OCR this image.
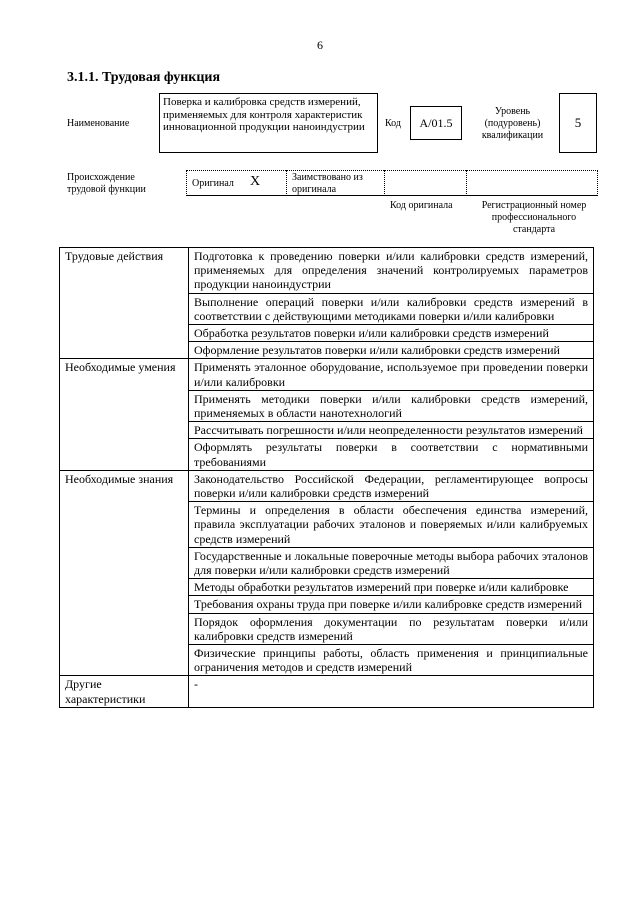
6
3.1.1. Трудовая функция
Наименование
Поверка и калибровка средств измерений, применяемых для контроля характеристик инновационной продукции наноиндустрии	Код	A/01.5
Уровень (подуровень) квалификации
5
Происхождение трудовой функции
Оригинал X	Заимствовано из оригинала
Код оригинала	Регистрационный номер профессионального стандарта
Трудовые действия	Подготовка к проведению поверки и/или калибровки средств измерений, применяемых для определения значений контролируемых параметров продукции наноиндустрии
	Выполнение операций поверки и/или калибровки средств измерений в соответствии с действующими методиками поверки и/или калибровки
	Обработка результатов поверки и/или калибровки средств измерений
	Оформление результатов поверки и/или калибровки средств измерений
Необходимые умения	Применять эталонное оборудование, используемое при проведении поверки и/или калибровки
	Применять методики поверки и/или калибровки средств измерений, применяемых в области нанотехнологий
	Рассчитывать погрешности и/или неопределенности результатов измерений
	Оформлять результаты поверки в соответствии с нормативными требованиями
Необходимые знания	Законодательство Российской Федерации, регламентирующее вопросы поверки и/или калибровки средств измерений
	Термины и определения в области обеспечения единства измерений, правила эксплуатации рабочих эталонов и поверяемых и/или калибруемых средств измерений
	Государственные и локальные поверочные методы выбора рабочих эталонов для поверки и/или калибровки средств измерений
	Методы обработки результатов измерений при поверке и/или калибровке
	Требования охраны труда при поверке и/или калибровке средств измерений
	Порядок оформления документации по результатам поверки и/или калибровки средств измерений
	Физические принципы работы, область применения и принципиальные ограничения методов и средств измерений
Другие характеристики	-
